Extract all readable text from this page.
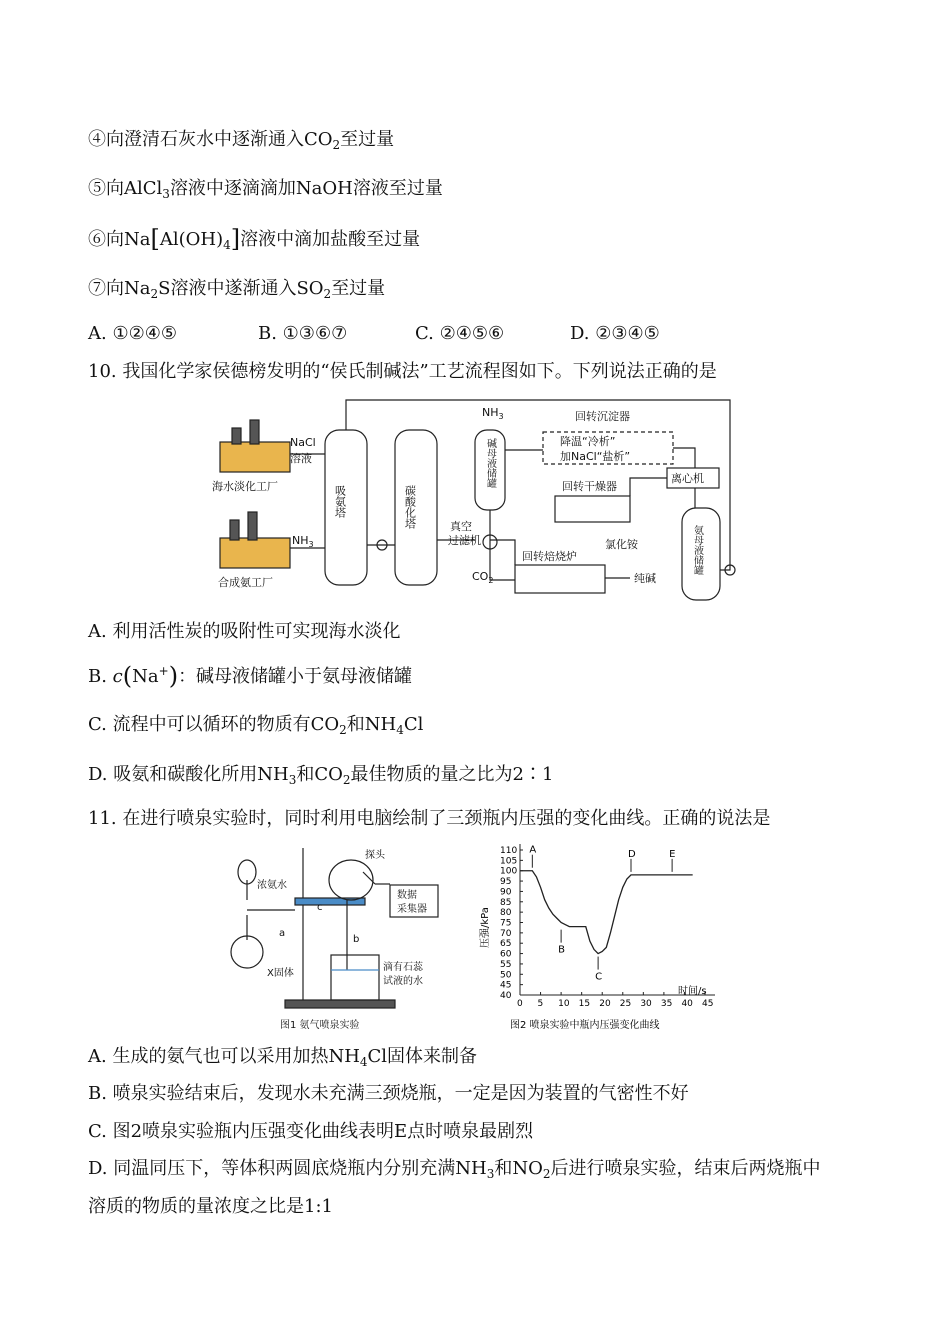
④向澄清石灰水中逐渐通入$CO_2$至过量
⑤向AlCl$_3$溶液中逐滴滴加NaOH溶液至过量
⑥向$Na[Al(OH)_4]$溶液中滴加盐酸至过量
⑦向$Na_2S$溶液中遂渐通入$SO_2$至过量
A. ①②④⑤	B. ①③⑥⑦	C. ②④⑤⑥	D. ②③④⑤
10. 我国化学家侯德榜发明的“侯氏制碱法”工艺流程图如下。下列说法正确的是
海水淡化工厂
合成氨工厂
NaCl
溶液
$NH_3$
吸氨塔	碳酸化塔
$NH_3$
碱母液储罐
回转沉淀器
降温“冷析”
加NaCl“盐析”
离心机
回转干燥器
氯化铵
真空
过滤机
回转焙烧炉
$CO_2$	纯碱
氨母液储罐
A. 利用活性炭的吸附性可实现海水淡化
B. c(Na+)：碱母液储罐小于氨母液储罐
C. 流程中可以循环的物质有$CO_2$和$NH_4Cl$
D. 吸氨和碳酸化所用$NH_3$和$CO_2$最佳物质的量之比为2∶1
11. 在进行喷泉实验时，同时利用电脑绘制了三颈瓶内压强的变化曲线。正确的说法是
探头
浓氨水
数据
采集器
X固体
滴有石蕊
试液的水
a
b
c
图1 氨气喷泉实验
压强/kPa
时间/s
图2 喷泉实验中瓶内压强变化曲线
0 5 10 15 20 25 30 35 40 45
40
45
50
55
60
65
70
75
80
85
90
95
100
105
110 A
B
C
D	E
A. 生成的氨气也可以采用加热$NH_4Cl$固体来制备
B. 喷泉实验结束后，发现水未充满三颈烧瓶，一定是因为装置的气密性不好
C. 图2喷泉实验瓶内压强变化曲线表明E点时喷泉最剧烈
D. 同温同压下，等体积两圆底烧瓶内分别充满$NH_3$和$NO_2$后进行喷泉实验，结束后两烧瓶中
溶质的物质的量浓度之比是1:1
